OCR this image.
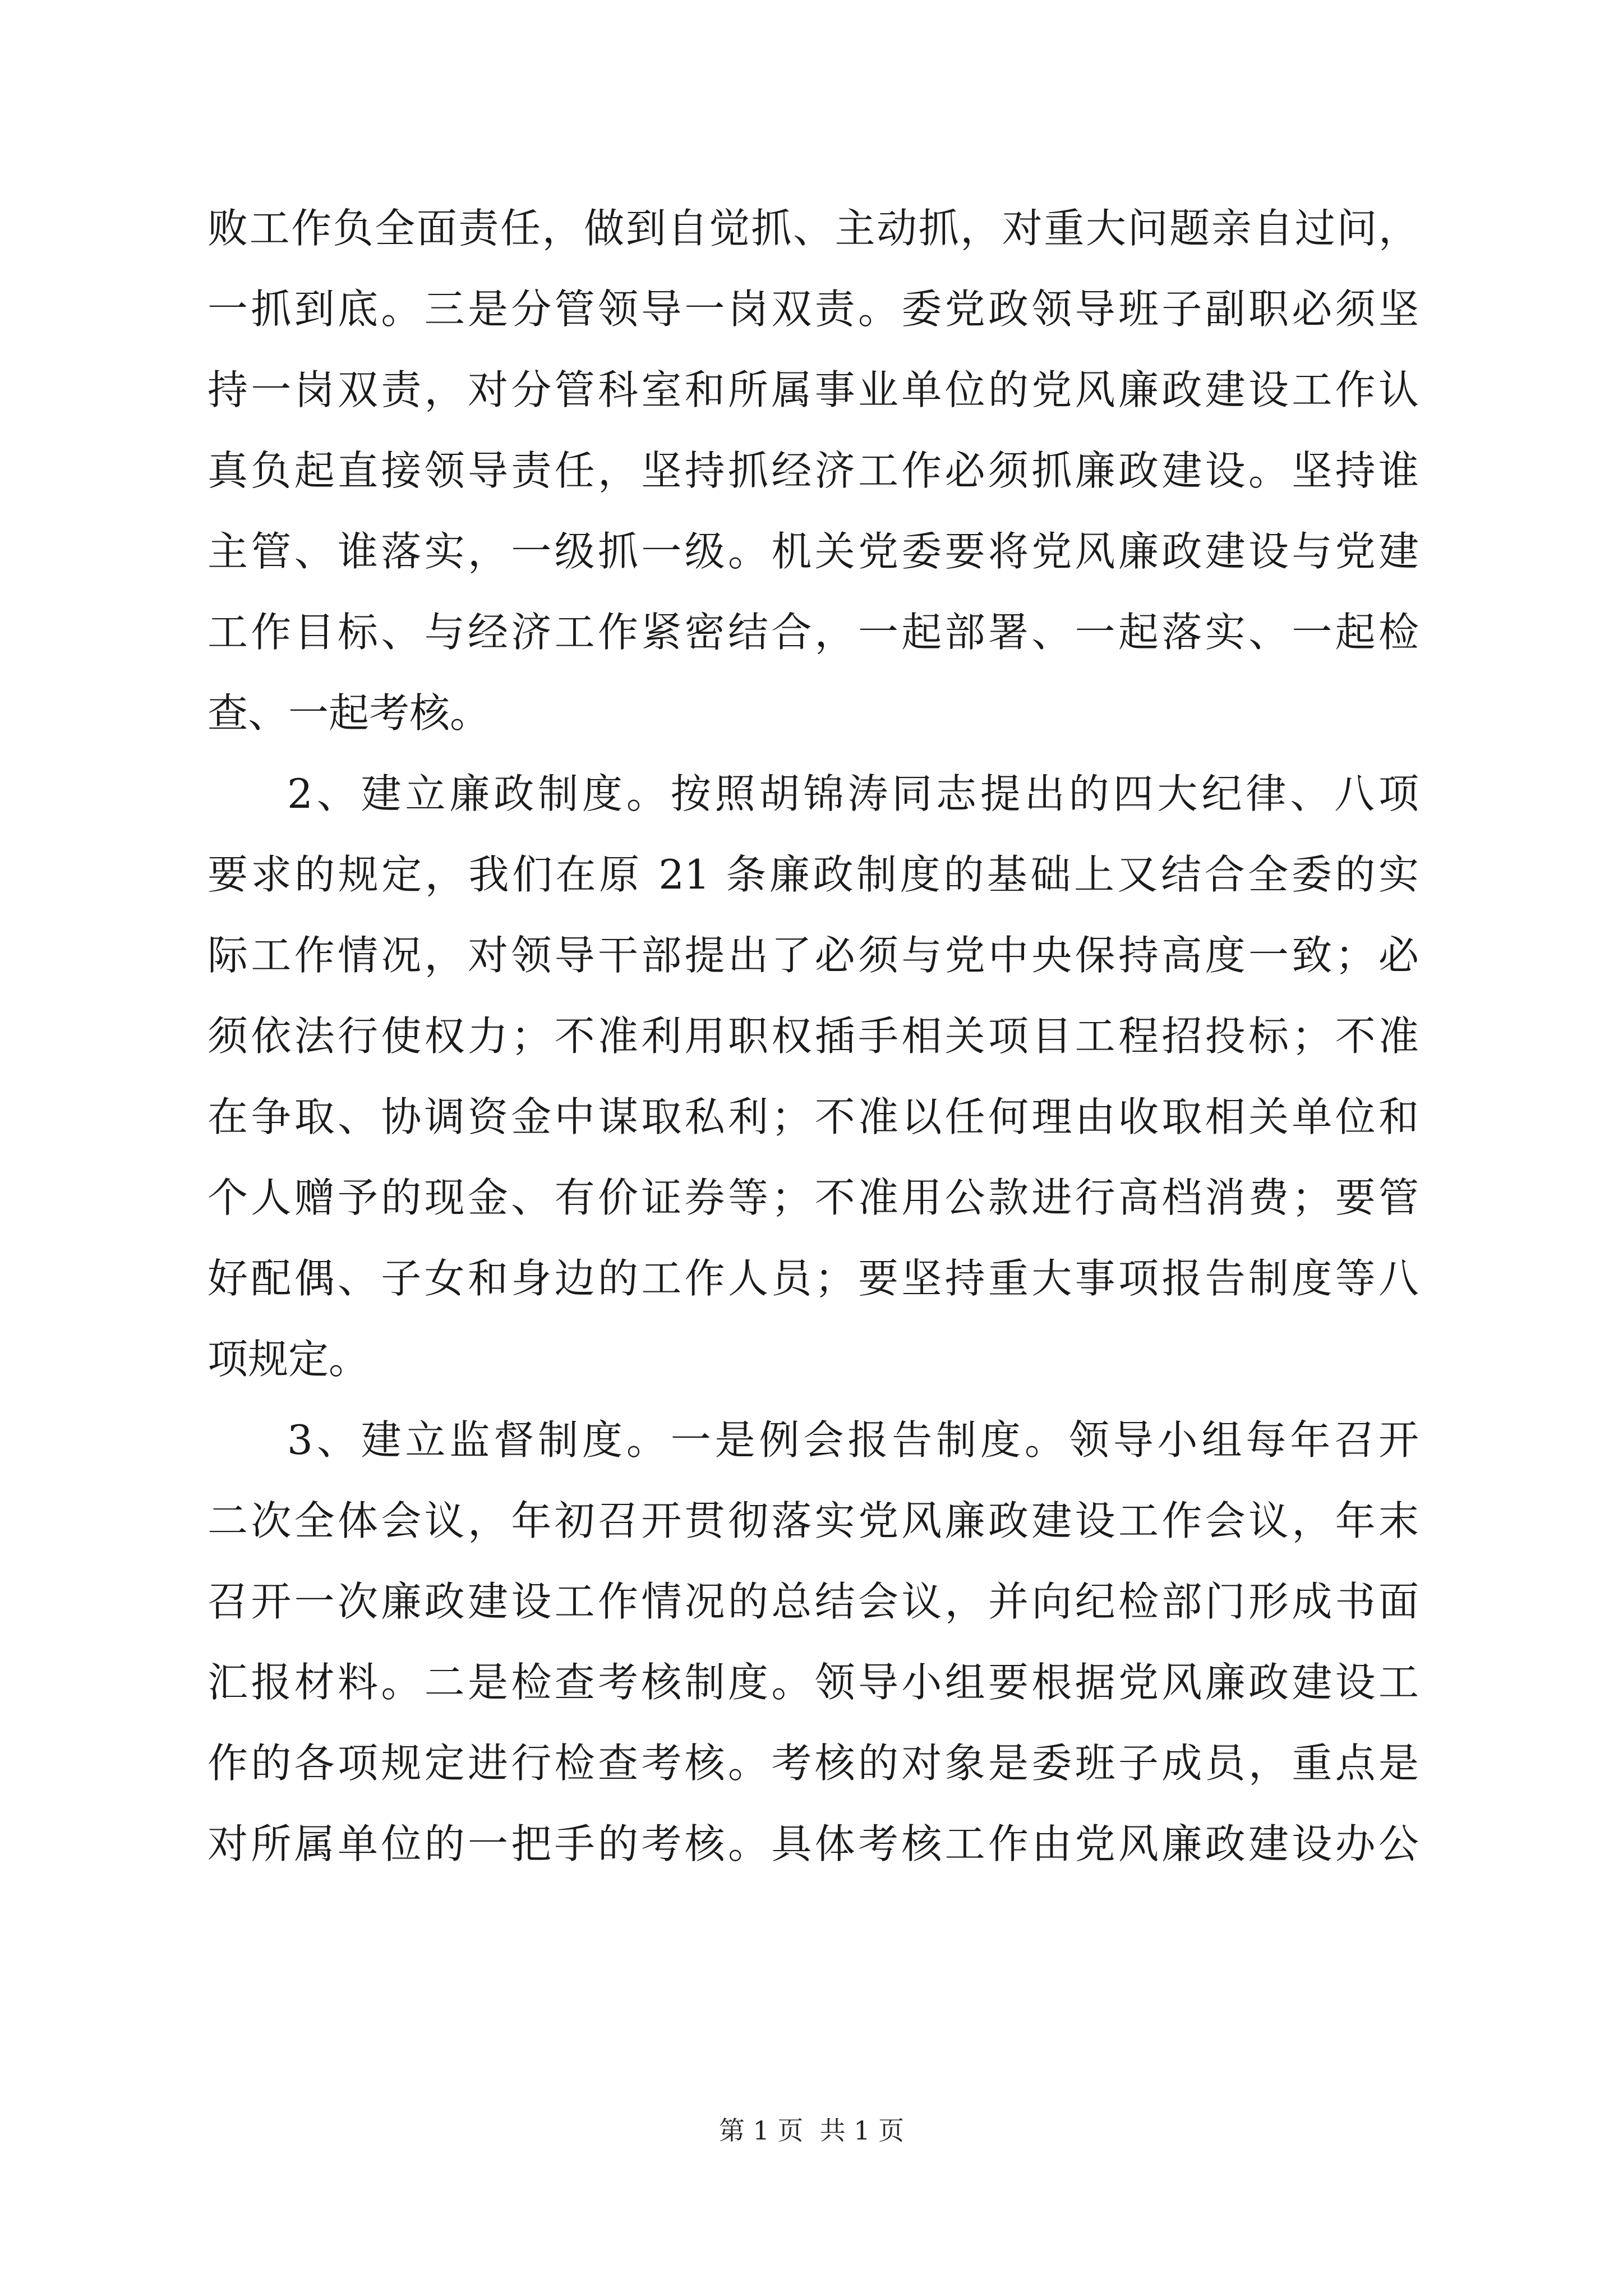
败工作负全面责任，做到自觉抓、主动抓，对重大问题亲自过问，
一抓到底。三是分管领导一岗双责。委党政领导班子副职必须坚
持一岗双责，对分管科室和所属事业单位的党风廉政建设工作认
真负起直接领导责任，坚持抓经济工作必须抓廉政建设。坚持谁
主管、谁落实，一级抓一级。机关党委要将党风廉政建设与党建
工作目标、与经济工作紧密结合，一起部署、一起落实、一起检
查、一起考核。
2、建立廉政制度。按照胡锦涛同志提出的四大纪律、八项
要求的规定，我们在原 21 条廉政制度的基础上又结合全委的实
际工作情况，对领导干部提出了必须与党中央保持高度一致；必
须依法行使权力；不准利用职权插手相关项目工程招投标；不准
在争取、协调资金中谋取私利；不准以任何理由收取相关单位和
个人赠予的现金、有价证券等；不准用公款进行高档消费；要管
好配偶、子女和身边的工作人员；要坚持重大事项报告制度等八
项规定。
3、建立监督制度。一是例会报告制度。领导小组每年召开
二次全体会议，年初召开贯彻落实党风廉政建设工作会议，年末
召开一次廉政建设工作情况的总结会议，并向纪检部门形成书面
汇报材料。二是检查考核制度。领导小组要根据党风廉政建设工
作的各项规定进行检查考核。考核的对象是委班子成员，重点是
对所属单位的一把手的考核。具体考核工作由党风廉政建设办公
第 1 页  共 1 页
